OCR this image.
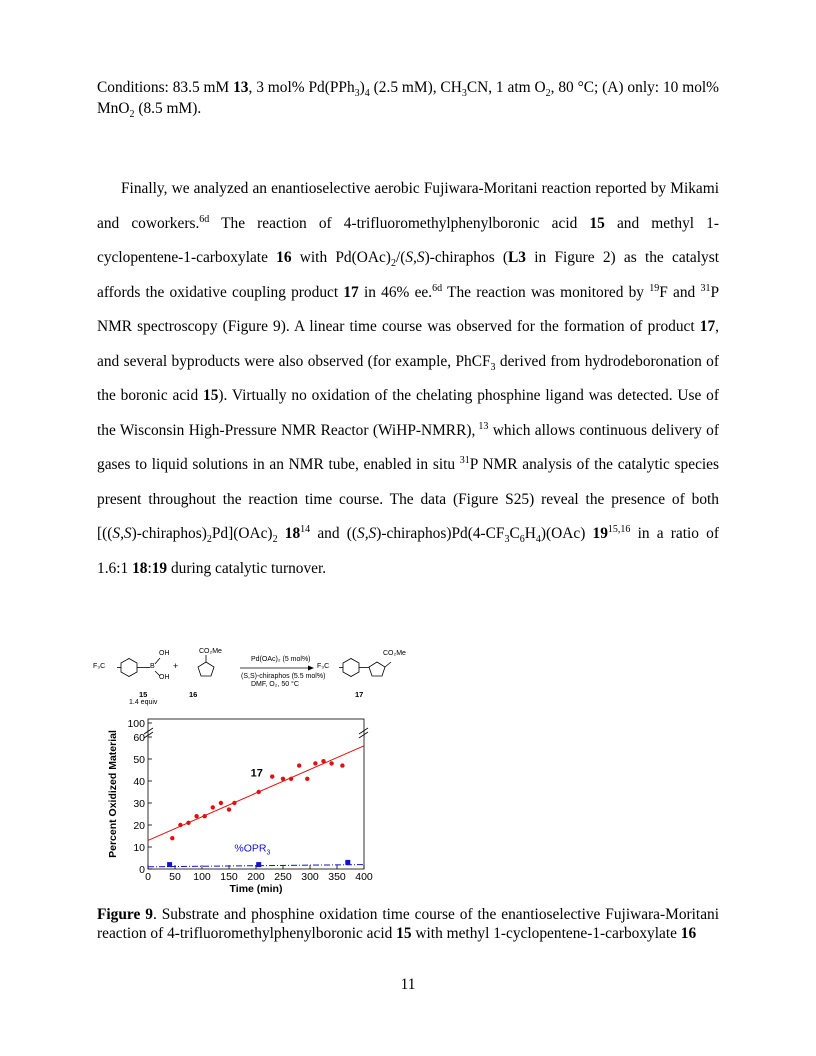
Conditions: 83.5 mM 13, 3 mol% $Pd(PPh_3)_4$ (2.5 mM), $CH_3CN$, 1 atm $O_2$, 80 °C; (A) only: 10 mol% MnO$_2$ (8.5 mM).
Finally, we analyzed an enantioselective aerobic Fujiwara-Moritani reaction reported by Mikami and coworkers.$^{6d}$ The reaction of 4-trifluoromethylphenylboronic acid 15 and methyl 1-cyclopentene-1-carboxylate 16 with $Pd(OAc)_2/(S,S)$-chiraphos (L3 in Figure 2) as the catalyst affords the oxidative coupling product 17 in 46% ee.$^{6d}$ The reaction was monitored by $^{19}$F and $^{31}$P NMR spectroscopy (Figure 9). A linear time course was observed for the formation of product 17, and several byproducts were also observed (for example, PhCF$_3$ derived from hydrodeboronation of the boronic acid 15). Virtually no oxidation of the chelating phosphine ligand was detected. Use of the Wisconsin High-Pressure NMR Reactor (WiHP-NMRR), $^{13}$ which allows continuous delivery of gases to liquid solutions in an NMR tube, enabled in situ $^{31}$P NMR analysis of the catalytic species present throughout the reaction time course. The data (Figure S25) reveal the presence of both $[((S,S)-chiraphos)_2Pd](OAc)_2$ $18^{14}$ and $((S,S)-chiraphos)Pd(4-CF_3C_6H_4)(OAc)$ 19$^{15,16}$ in a ratio of 1.6:1 18:19 during catalytic turnover.
F₃C
OH
B
OH
+
CO₂Me
Pd(OAc)₂ (5 mol%)
(S,S)-chiraphos (5.5 mol%)
DMF, O₂, 50 °C
F₃C
CO₂Me
15
1.4 equiv
16	17
0 50 100 150 200 250 300 350 400
0
10
20
30
40
50
60
100
Time (min)
Percent Oxidized Material	17
$\%OPR_3$
Figure 9. Substrate and phosphine oxidation time course of the enantioselective Fujiwara-Moritani reaction of 4-trifluoromethylphenylboronic acid 15 with methyl 1-cyclopentene-1-carboxylate 16
11
